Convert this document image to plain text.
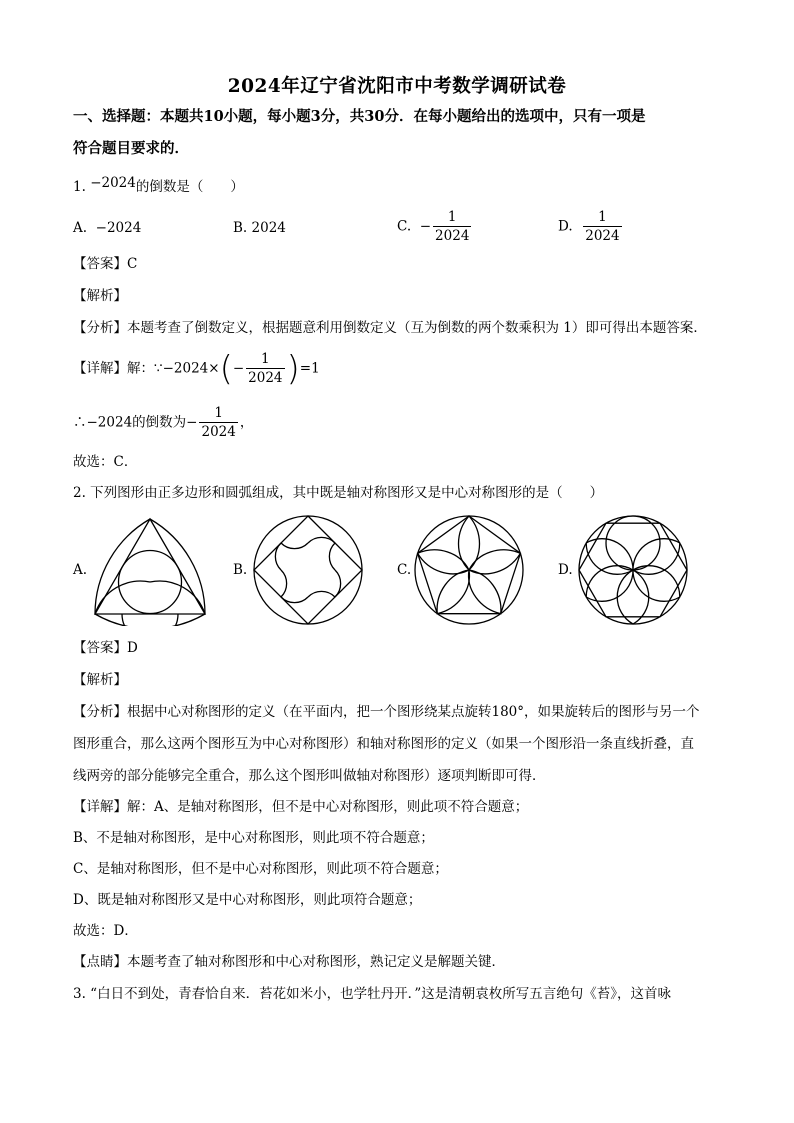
2024年辽宁省沈阳市中考数学调研试卷
一、选择题：本题共10小题，每小题3分，共30分．在每小题给出的选项中，只有一项是
符合题目要求的．
1. −2024的倒数是（　　）
A. −2024	B. 2024	C. − $\frac{1}{2024}$	D. $\frac{1}{2024}$
【答案】C
【解析】
【分析】本题考查了倒数定义，根据题意利用倒数定义（互为倒数的两个数乘积为 1）即可得出本题答案．
【详解】解：∵−2024×(− $\frac{1}{2024} )=1$
∴−2024的倒数为− $\frac{1}{2024}$ ，
故选：C．
2. 下列图形由正多边形和圆弧组成，其中既是轴对称图形又是中心对称图形的是（　　）
A.	B.	C.	D.
【答案】D
【解析】
【分析】根据中心对称图形的定义（在平面内，把一个图形绕某点旋转180°，如果旋转后的图形与另一个
图形重合，那么这两个图形互为中心对称图形）和轴对称图形的定义（如果一个图形沿一条直线折叠，直
线两旁的部分能够完全重合，那么这个图形叫做轴对称图形）逐项判断即可得．
【详解】解：A、是轴对称图形，但不是中心对称图形，则此项不符合题意；
B、不是轴对称图形，是中心对称图形，则此项不符合题意；
C、是轴对称图形，但不是中心对称图形，则此项不符合题意；
D、既是轴对称图形又是中心对称图形，则此项符合题意；
故选：D．
【点睛】本题考查了轴对称图形和中心对称图形，熟记定义是解题关键．
3. “白日不到处，青春恰自来．苔花如米小，也学牡丹开．”这是清朝袁枚所写五言绝句《苔》，这首咏
